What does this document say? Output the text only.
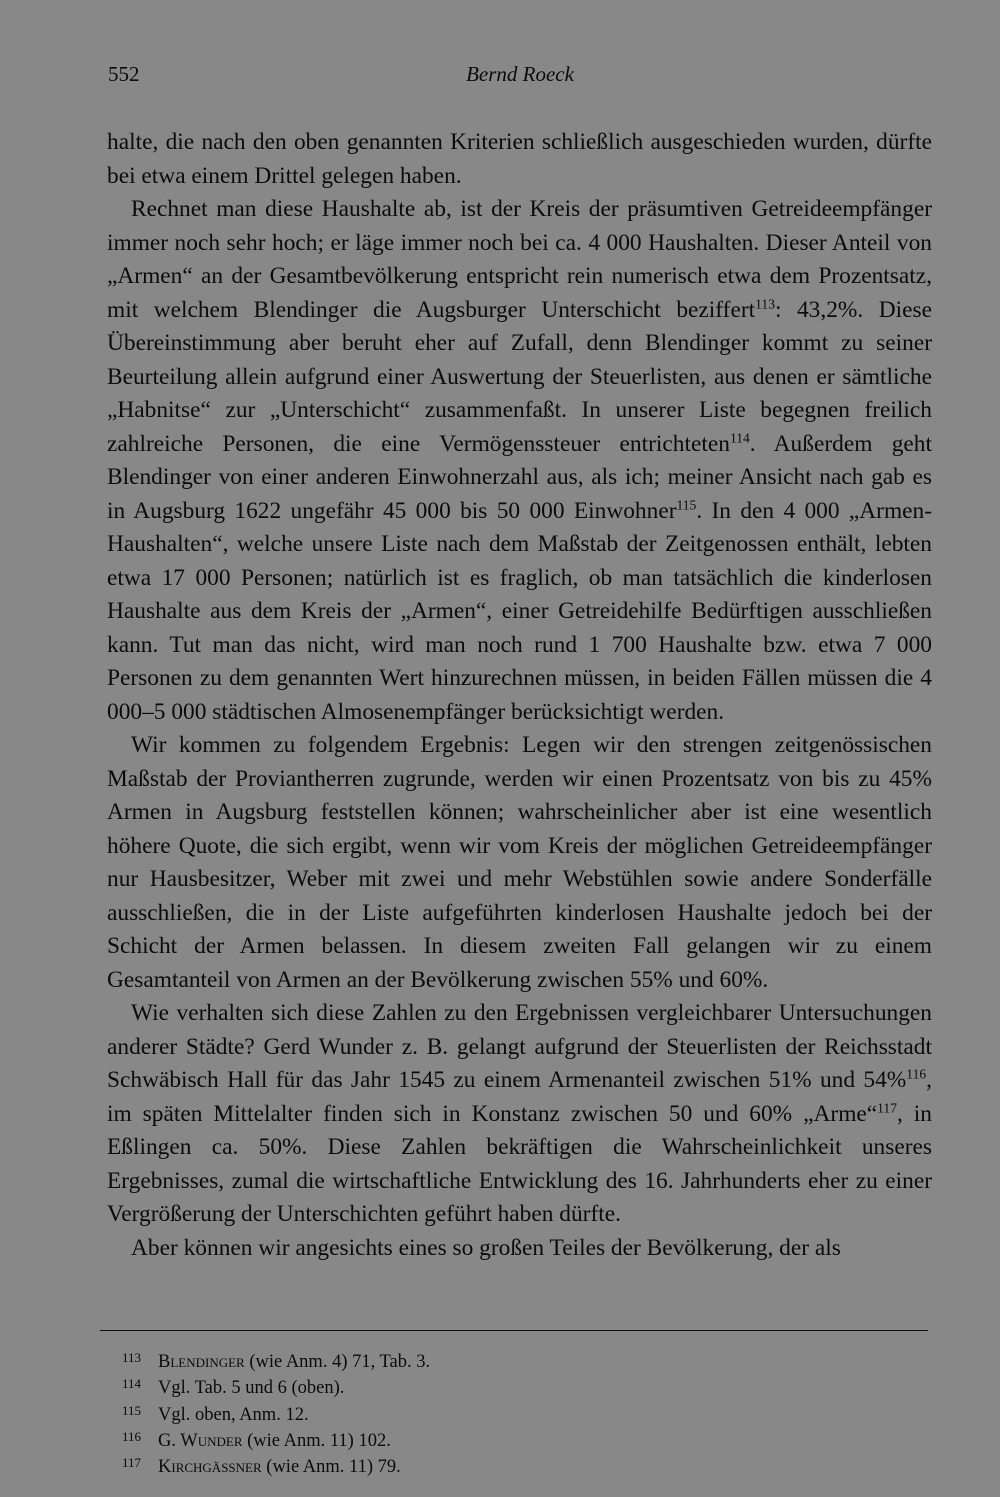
552	Bernd Roeck

halte, die nach den oben genannten Kriterien schließlich ausgeschieden wurden, dürfte bei etwa einem Drittel gelegen haben.

Rechnet man diese Haushalte ab, ist der Kreis der präsumtiven Getreideempfänger immer noch sehr hoch; er läge immer noch bei ca. 4 000 Haushalten. Dieser Anteil von „Armen“ an der Gesamtbevölkerung entspricht rein numerisch etwa dem Prozentsatz, mit welchem Blendinger die Augsburger Unterschicht beziffert$^{113}$: 43,2%. Diese Übereinstimmung aber beruht eher auf Zufall, denn Blendinger kommt zu seiner Beurteilung allein aufgrund einer Auswertung der Steuerlisten, aus denen er sämtliche „Habnitse“ zur „Unterschicht“ zusammenfaßt. In unserer Liste begegnen freilich zahlreiche Personen, die eine Vermögenssteuer entrichteten$^{114}$. Außerdem geht Blendinger von einer anderen Einwohnerzahl aus, als ich; meiner Ansicht nach gab es in Augsburg 1622 ungefähr 45 000 bis 50 000 Einwohner$^{115}$. In den 4 000 „Armen-Haushalten“, welche unsere Liste nach dem Maßstab der Zeitgenossen enthält, lebten etwa 17 000 Personen; natürlich ist es fraglich, ob man tatsächlich die kinderlosen Haushalte aus dem Kreis der „Armen“, einer Getreidehilfe Bedürftigen ausschließen kann. Tut man das nicht, wird man noch rund 1 700 Haushalte bzw. etwa 7 000 Personen zu dem genannten Wert hinzurechnen müssen, in beiden Fällen müssen die 4 000–5 000 städtischen Almosenempfänger berücksichtigt werden.

Wir kommen zu folgendem Ergebnis: Legen wir den strengen zeitgenössischen Maßstab der Proviantherren zugrunde, werden wir einen Prozentsatz von bis zu 45% Armen in Augsburg feststellen können; wahrscheinlicher aber ist eine wesentlich höhere Quote, die sich ergibt, wenn wir vom Kreis der möglichen Getreideempfänger nur Hausbesitzer, Weber mit zwei und mehr Webstühlen sowie andere Sonderfälle ausschließen, die in der Liste aufgeführten kinderlosen Haushalte jedoch bei der Schicht der Armen belassen. In diesem zweiten Fall gelangen wir zu einem Gesamtanteil von Armen an der Bevölkerung zwischen 55% und 60%.

Wie verhalten sich diese Zahlen zu den Ergebnissen vergleichbarer Untersuchungen anderer Städte? Gerd Wunder z. B. gelangt aufgrund der Steuerlisten der Reichsstadt Schwäbisch Hall für das Jahr 1545 zu einem Armenanteil zwischen 51% und 54%$^{116}$, im späten Mittelalter finden sich in Konstanz zwischen 50 und 60% „Arme“$^{117}$, in Eßlingen ca. 50%. Diese Zahlen bekräftigen die Wahrscheinlichkeit unseres Ergebnisses, zumal die wirtschaftliche Entwicklung des 16. Jahrhunderts eher zu einer Vergrößerung der Unterschichten geführt haben dürfte.

Aber können wir angesichts eines so großen Teiles der Bevölkerung, der als

113 Blendinger (wie Anm. 4) 71, Tab. 3.
114 Vgl. Tab. 5 und 6 (oben).
115 Vgl. oben, Anm. 12.
116 G. Wunder (wie Anm. 11) 102.
117 Kirchgässner (wie Anm. 11) 79.
